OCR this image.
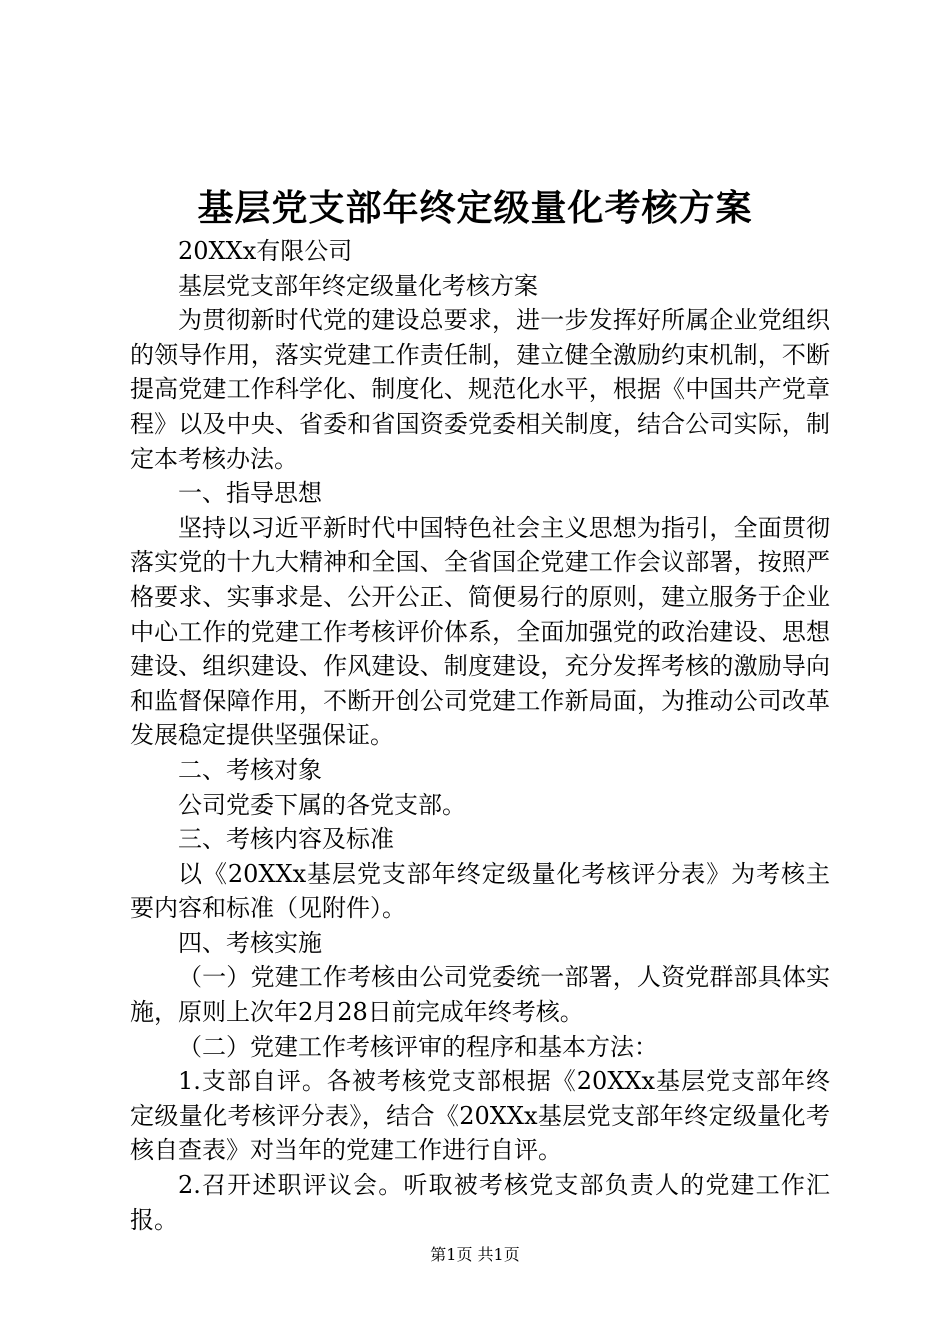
基层党支部年终定级量化考核方案

20XXx有限公司

基层党支部年终定级量化考核方案

为贯彻新时代党的建设总要求，进一步发挥好所属企业党组织的领导作用，落实党建工作责任制，建立健全激励约束机制，不断提高党建工作科学化、制度化、规范化水平，根据《中国共产党章程》以及中央、省委和省国资委党委相关制度，结合公司实际，制定本考核办法。

一、指导思想

坚持以习近平新时代中国特色社会主义思想为指引，全面贯彻落实党的十九大精神和全国、全省国企党建工作会议部署，按照严格要求、实事求是、公开公正、简便易行的原则，建立服务于企业中心工作的党建工作考核评价体系，全面加强党的政治建设、思想建设、组织建设、作风建设、制度建设，充分发挥考核的激励导向和监督保障作用，不断开创公司党建工作新局面，为推动公司改革发展稳定提供坚强保证。

二、考核对象

公司党委下属的各党支部。

三、考核内容及标准

以《20XXx基层党支部年终定级量化考核评分表》为考核主要内容和标准（见附件）。

四、考核实施

（一）党建工作考核由公司党委统一部署，人资党群部具体实施，原则上次年2月28日前完成年终考核。

（二）党建工作考核评审的程序和基本方法：

1.支部自评。各被考核党支部根据《20XXx基层党支部年终定级量化考核评分表》，结合《20XXx基层党支部年终定级量化考核自查表》对当年的党建工作进行自评。

2.召开述职评议会。听取被考核党支部负责人的党建工作汇报。

第1页 共1页
